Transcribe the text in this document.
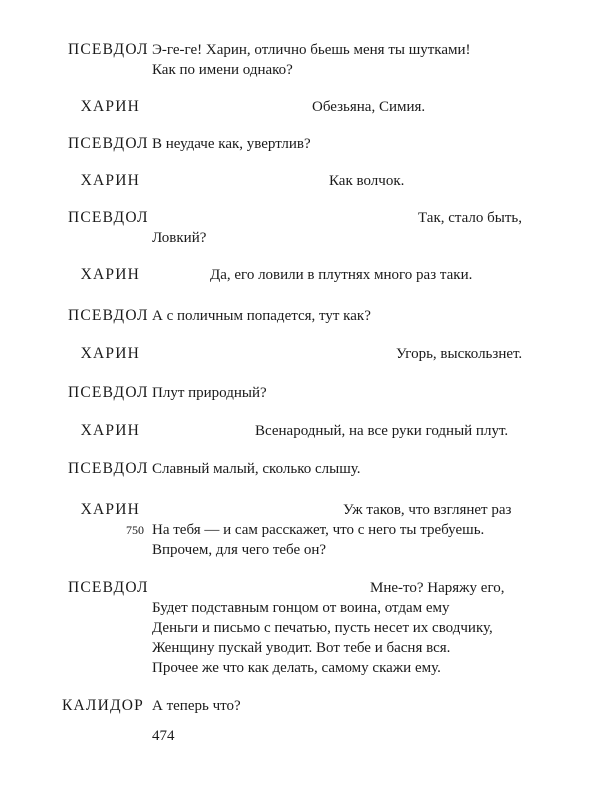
ПСЕВДОЛ Э-ге-ге! Харин, отлично бьешь меня ты шутками!
Как по имени однако?
ХАРИН	Обезьяна, Симия.
ПСЕВДОЛ В неудаче как, увертлив?
ХАРИН	Как волчок.
ПСЕВДОЛ	Так, стало быть,
Ловкий?
ХАРИН	Да, его ловили в плутнях много раз таки.
ПСЕВДОЛ А с поличным попадется, тут как?
ХАРИН	Угорь, выскользнет.
ПСЕВДОЛ Плут природный?
ХАРИН	Всенародный, на все руки годный плут.
ПСЕВДОЛ Славный малый, сколько слышу.
ХАРИН	Уж таков, что взглянет раз
750 На тебя — и сам расскажет, что с него ты требуешь.
Впрочем, для чего тебе он?
ПСЕВДОЛ	Мне-то? Наряжу его,
Будет подставным гонцом от воина, отдам ему
Деньги и письмо с печатью, пусть несет их сводчику,
Женщину пускай уводит. Вот тебе и басня вся.
Прочее же что как делать, самому скажи ему.
КАЛИДОР А теперь что?
474
